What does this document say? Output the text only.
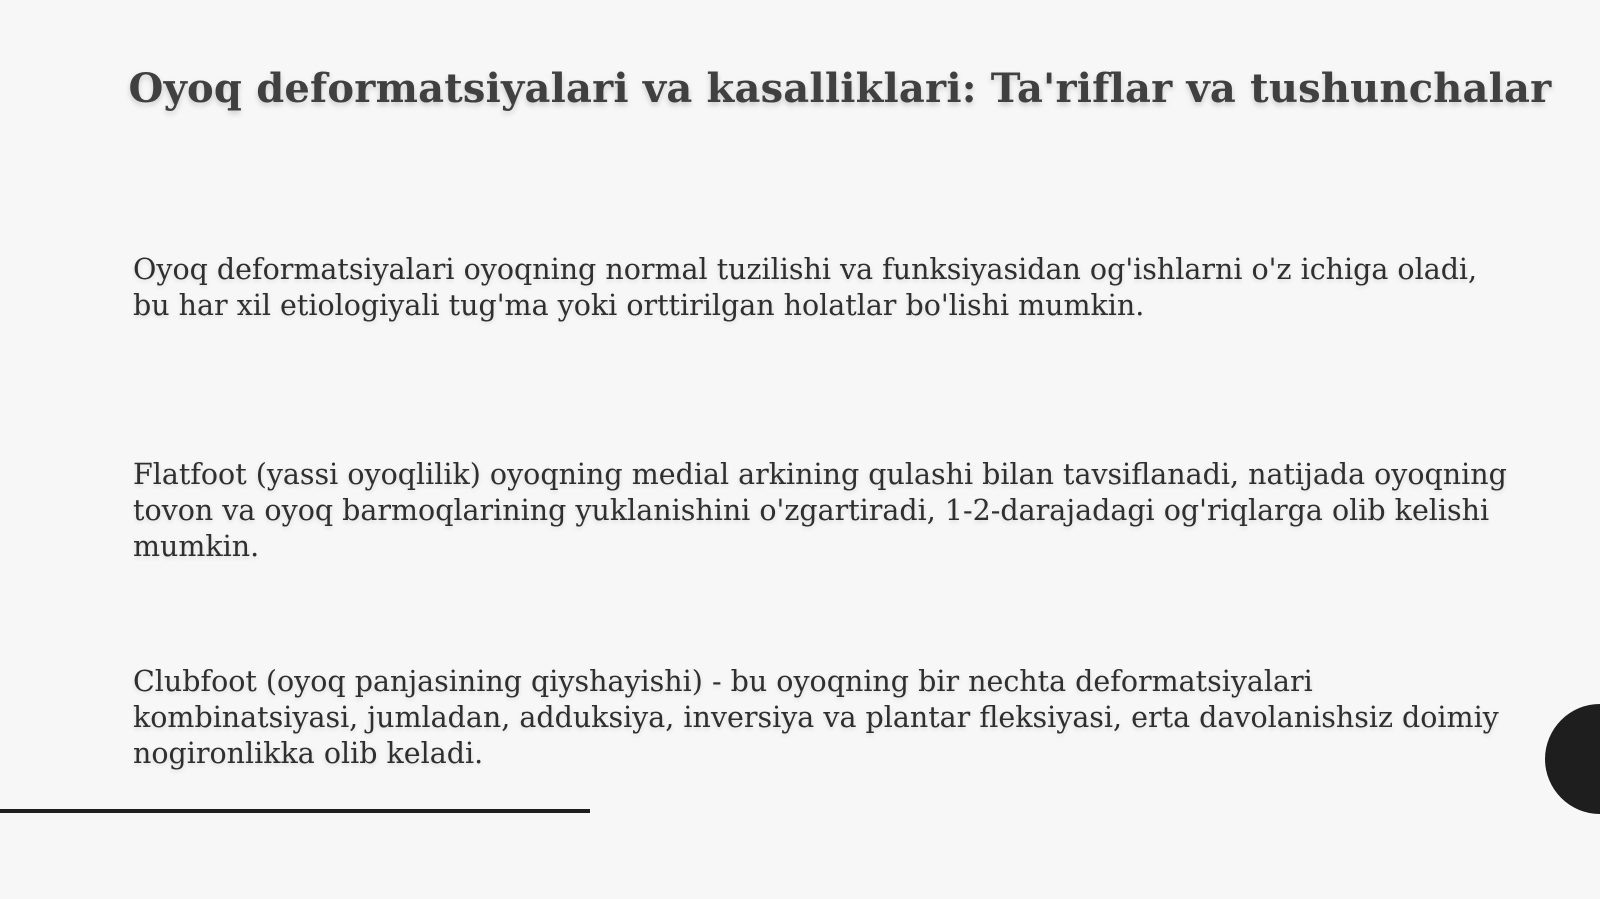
Oyoq deformatsiyalari va kasalliklari: Ta'riflar va tushunchalar

Oyoq deformatsiyalari oyoqning normal tuzilishi va funksiyasidan og'ishlarni o'z ichiga oladi, bu har xil etiologiyali tug'ma yoki orttirilgan holatlar bo'lishi mumkin.

Flatfoot (yassi oyoqlilik) oyoqning medial arkining qulashi bilan tavsiflanadi, natijada oyoqning tovon va oyoq barmoqlarining yuklanishini o'zgartiradi, 1-2-darajadagi og'riqlarga olib kelishi mumkin.

Clubfoot (oyoq panjasining qiyshayishi) - bu oyoqning bir nechta deformatsiyalari kombinatsiyasi, jumladan, adduksiya, inversiya va plantar fleksiyasi, erta davolanishsiz doimiy nogironlikka olib keladi.
